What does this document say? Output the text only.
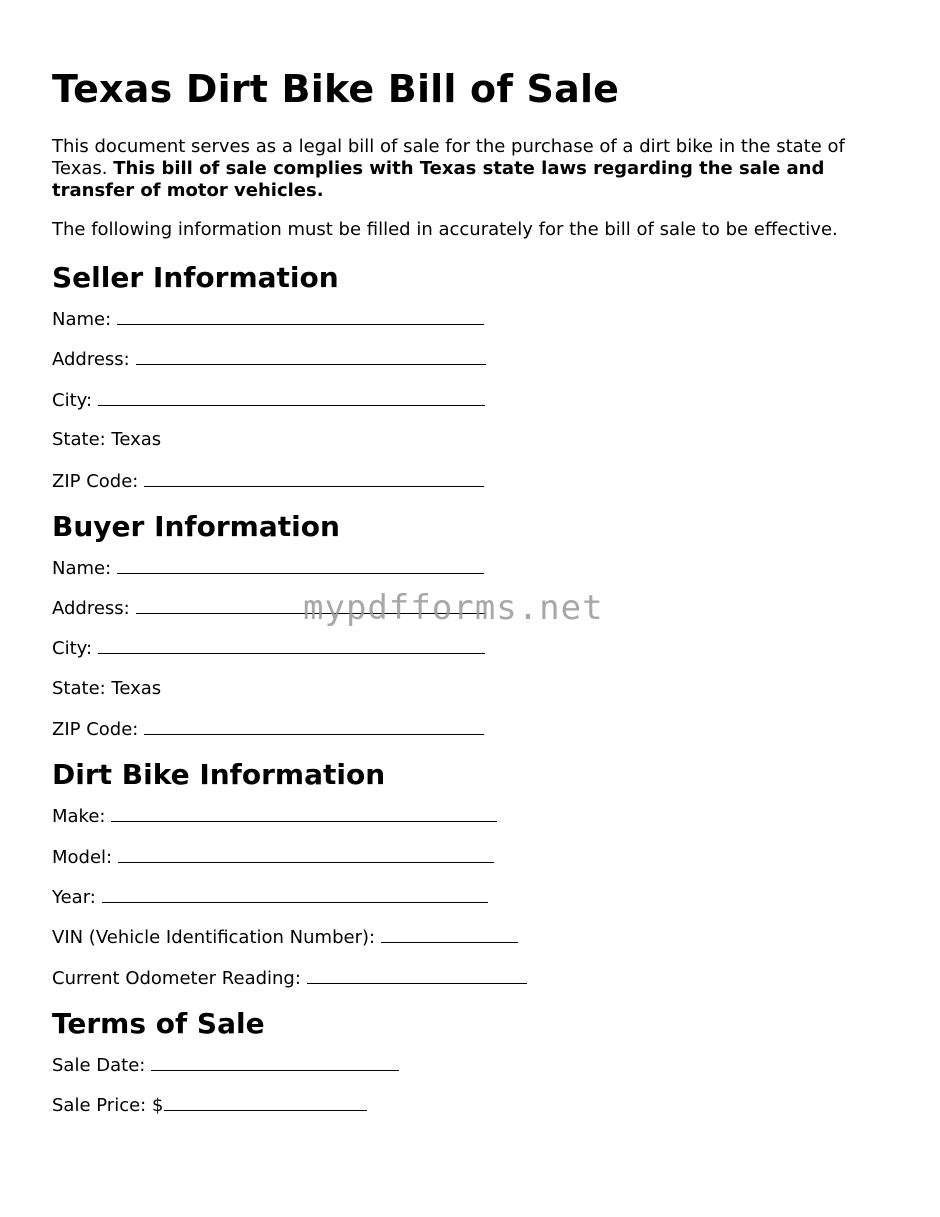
Texas Dirt Bike Bill of Sale

This document serves as a legal bill of sale for the purchase of a dirt bike in the state of Texas. This bill of sale complies with Texas state laws regarding the sale and transfer of motor vehicles.

The following information must be filled in accurately for the bill of sale to be effective.

Seller Information
Name:
Address:
City:
State: Texas
ZIP Code:
Buyer Information
Name:
Address:
City:
State: Texas
ZIP Code:
Dirt Bike Information
Make:
Model:
Year:
VIN (Vehicle Identification Number):
Current Odometer Reading:
Terms of Sale
Sale Date:
Sale Price: $
mypdfforms.net
